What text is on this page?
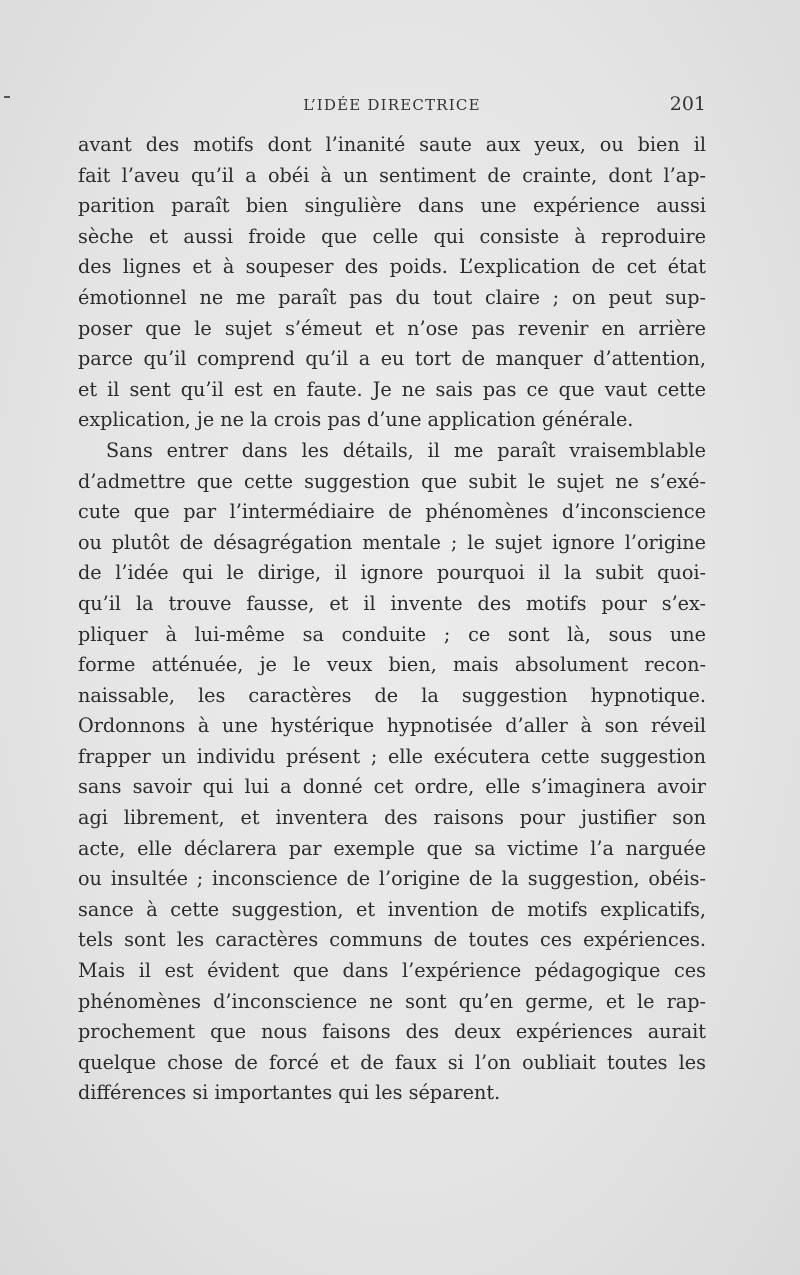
L’IDÉE DIRECTRICE	201
avant des motifs dont l’inanité saute aux yeux, ou bien il
fait l’aveu qu’il a obéi à un sentiment de crainte, dont l’ap-
parition paraît bien singulière dans une expérience aussi
sèche et aussi froide que celle qui consiste à reproduire
des lignes et à soupeser des poids. L’explication de cet état
émotionnel ne me paraît pas du tout claire ; on peut sup-
poser que le sujet s’émeut et n’ose pas revenir en arrière
parce qu’il comprend qu’il a eu tort de manquer d’attention,
et il sent qu’il est en faute. Je ne sais pas ce que vaut cette
explication, je ne la crois pas d’une application générale.
Sans entrer dans les détails, il me paraît vraisemblable
d’admettre que cette suggestion que subit le sujet ne s’exé-
cute que par l’intermédiaire de phénomènes d’inconscience
ou plutôt de désagrégation mentale ; le sujet ignore l’origine
de l’idée qui le dirige, il ignore pourquoi il la subit quoi-
qu’il la trouve fausse, et il invente des motifs pour s’ex-
pliquer à lui-même sa conduite ; ce sont là, sous une
forme atténuée, je le veux bien, mais absolument recon-
naissable, les caractères de la suggestion hypnotique.
Ordonnons à une hystérique hypnotisée d’aller à son réveil
frapper un individu présent ; elle exécutera cette suggestion
sans savoir qui lui a donné cet ordre, elle s’imaginera avoir
agi librement, et inventera des raisons pour justifier son
acte, elle déclarera par exemple que sa victime l’a narguée
ou insultée ; inconscience de l’origine de la suggestion, obéis-
sance à cette suggestion, et invention de motifs explicatifs,
tels sont les caractères communs de toutes ces expériences.
Mais il est évident que dans l’expérience pédagogique ces
phénomènes d’inconscience ne sont qu’en germe, et le rap-
prochement que nous faisons des deux expériences aurait
quelque chose de forcé et de faux si l’on oubliait toutes les
différences si importantes qui les séparent.
